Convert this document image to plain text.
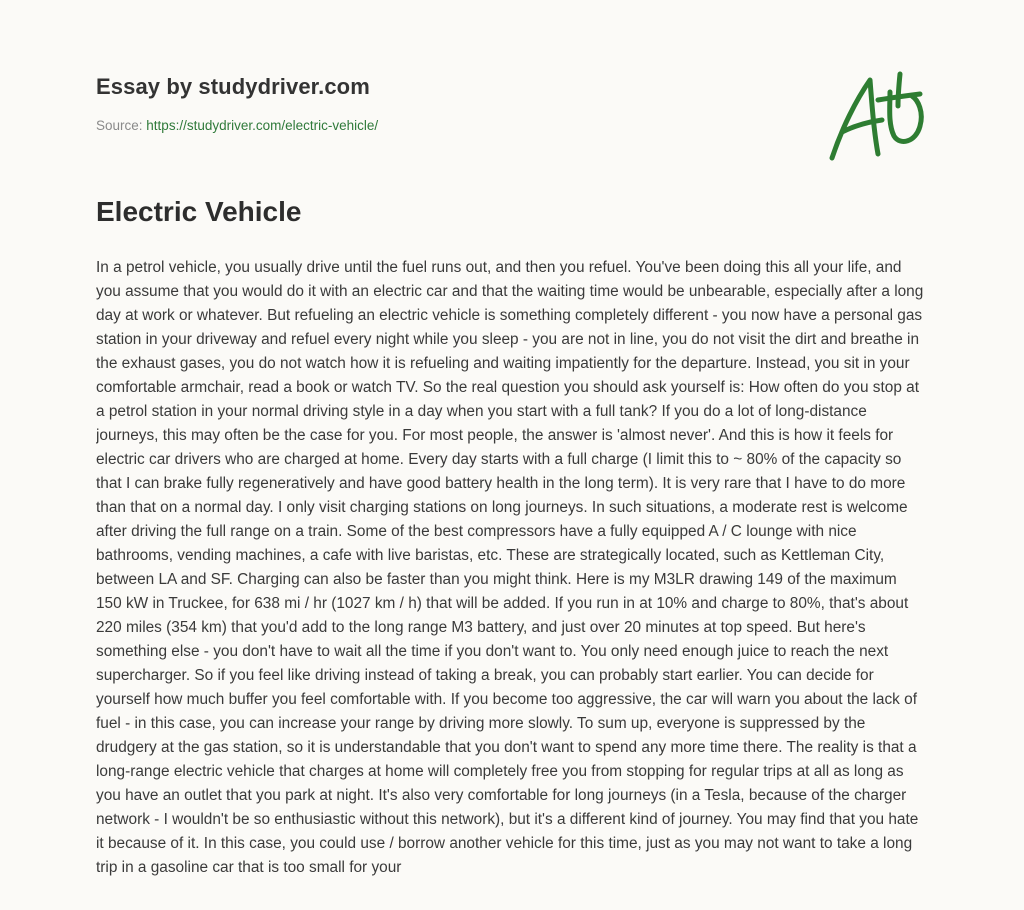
Essay by studydriver.com
Source: https://studydriver.com/electric-vehicle/
Electric Vehicle

In a petrol vehicle, you usually drive until the fuel runs out, and then you refuel. You've been doing this all your life, and you assume that you would do it with an electric car and that the waiting time would be unbearable, especially after a long day at work or whatever. But refueling an electric vehicle is something completely different - you now have a personal gas station in your driveway and refuel every night while you sleep - you are not in line, you do not visit the dirt and breathe in the exhaust gases, you do not watch how it is refueling and waiting impatiently for the departure. Instead, you sit in your comfortable armchair, read a book or watch TV. So the real question you should ask yourself is: How often do you stop at a petrol station in your normal driving style in a day when you start with a full tank? If you do a lot of long-distance journeys, this may often be the case for you. For most people, the answer is 'almost never'. And this is how it feels for electric car drivers who are charged at home. Every day starts with a full charge (I limit this to ~ 80% of the capacity so that I can brake fully regeneratively and have good battery health in the long term). It is very rare that I have to do more than that on a normal day. I only visit charging stations on long journeys. In such situations, a moderate rest is welcome after driving the full range on a train. Some of the best compressors have a fully equipped A / C lounge with nice bathrooms, vending machines, a cafe with live baristas, etc. These are strategically located, such as Kettleman City, between LA and SF. Charging can also be faster than you might think. Here is my M3LR drawing 149 of the maximum 150 kW in Truckee, for 638 mi / hr (1027 km / h) that will be added. If you run in at 10% and charge to 80%, that's about 220 miles (354 km) that you'd add to the long range M3 battery, and just over 20 minutes at top speed. But here's something else - you don't have to wait all the time if you don't want to. You only need enough juice to reach the next supercharger. So if you feel like driving instead of taking a break, you can probably start earlier. You can decide for yourself how much buffer you feel comfortable with. If you become too aggressive, the car will warn you about the lack of fuel - in this case, you can increase your range by driving more slowly. To sum up, everyone is suppressed by the drudgery at the gas station, so it is understandable that you don't want to spend any more time there. The reality is that a long-range electric vehicle that charges at home will completely free you from stopping for regular trips at all as long as you have an outlet that you park at night. It's also very comfortable for long journeys (in a Tesla, because of the charger network - I wouldn't be so enthusiastic without this network), but it's a different kind of journey. You may find that you hate it because of it. In this case, you could use / borrow another vehicle for this time, just as you may not want to take a long trip in a gasoline car that is too small for your
